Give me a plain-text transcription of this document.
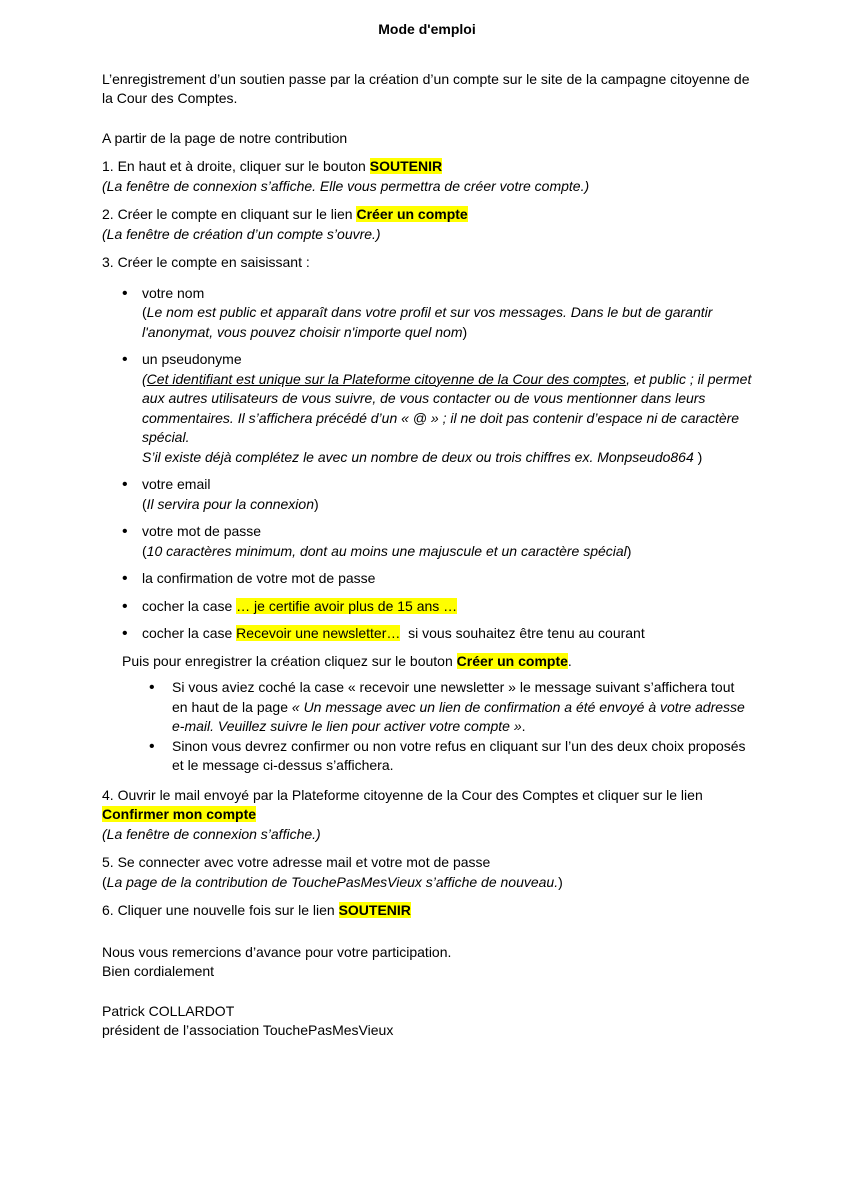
Mode d'emploi

L’enregistrement d’un soutien passe par la création d’un compte sur le site de la campagne citoyenne de la Cour des Comptes.

A partir de la page de notre contribution

1. En haut et à droite, cliquer sur le bouton SOUTENIR

(La fenêtre de connexion s’affiche. Elle vous permettra de créer votre compte.)

2. Créer le compte en cliquant sur le lien Créer un compte

(La fenêtre de création d’un compte s’ouvre.)

3. Créer le compte en saisissant :

• votre nom
(Le nom est public et apparaît dans votre profil et sur vos messages. Dans le but de garantir l'anonymat, vous pouvez choisir n'importe quel nom)
• un pseudonyme
(Cet identifiant est unique sur la Plateforme citoyenne de la Cour des comptes, et public ; il permet aux autres utilisateurs de vous suivre, de vous contacter ou de vous mentionner dans leurs commentaires. Il s’affichera précédé d’un « @ » ; il ne doit pas contenir d’espace ni de caractère spécial.
S’il existe déjà complétez le avec un nombre de deux ou trois chiffres ex. Monpseudo864 )
• votre email
(Il servira pour la connexion)
• votre mot de passe
(10 caractères minimum, dont au moins une majuscule et un caractère spécial)
• la confirmation de votre mot de passe
• cocher la case … je certifie avoir plus de 15 ans …
• cocher la case Recevoir une newsletter…  si vous souhaitez être tenu au courant

Puis pour enregistrer la création cliquez sur le bouton Créer un compte.

• Si vous aviez coché la case « recevoir une newsletter » le message suivant s’affichera tout en haut de la page « Un message avec un lien de confirmation a été envoyé à votre adresse e-mail. Veuillez suivre le lien pour activer votre compte ».
• Sinon vous devrez confirmer ou non votre refus en cliquant sur l’un des deux choix proposés et le message ci-dessus s’affichera.

4. Ouvrir le mail envoyé par la Plateforme citoyenne de la Cour des Comptes et cliquer sur le lien

Confirmer mon compte

(La fenêtre de connexion s’affiche.)

5. Se connecter avec votre adresse mail et votre mot de passe

(La page de la contribution de TouchePasMesVieux s’affiche de nouveau.)

6. Cliquer une nouvelle fois sur le lien SOUTENIR

Nous vous remercions d’avance pour votre participation.

Bien cordialement

Patrick COLLARDOT

président de l’association TouchePasMesVieux
